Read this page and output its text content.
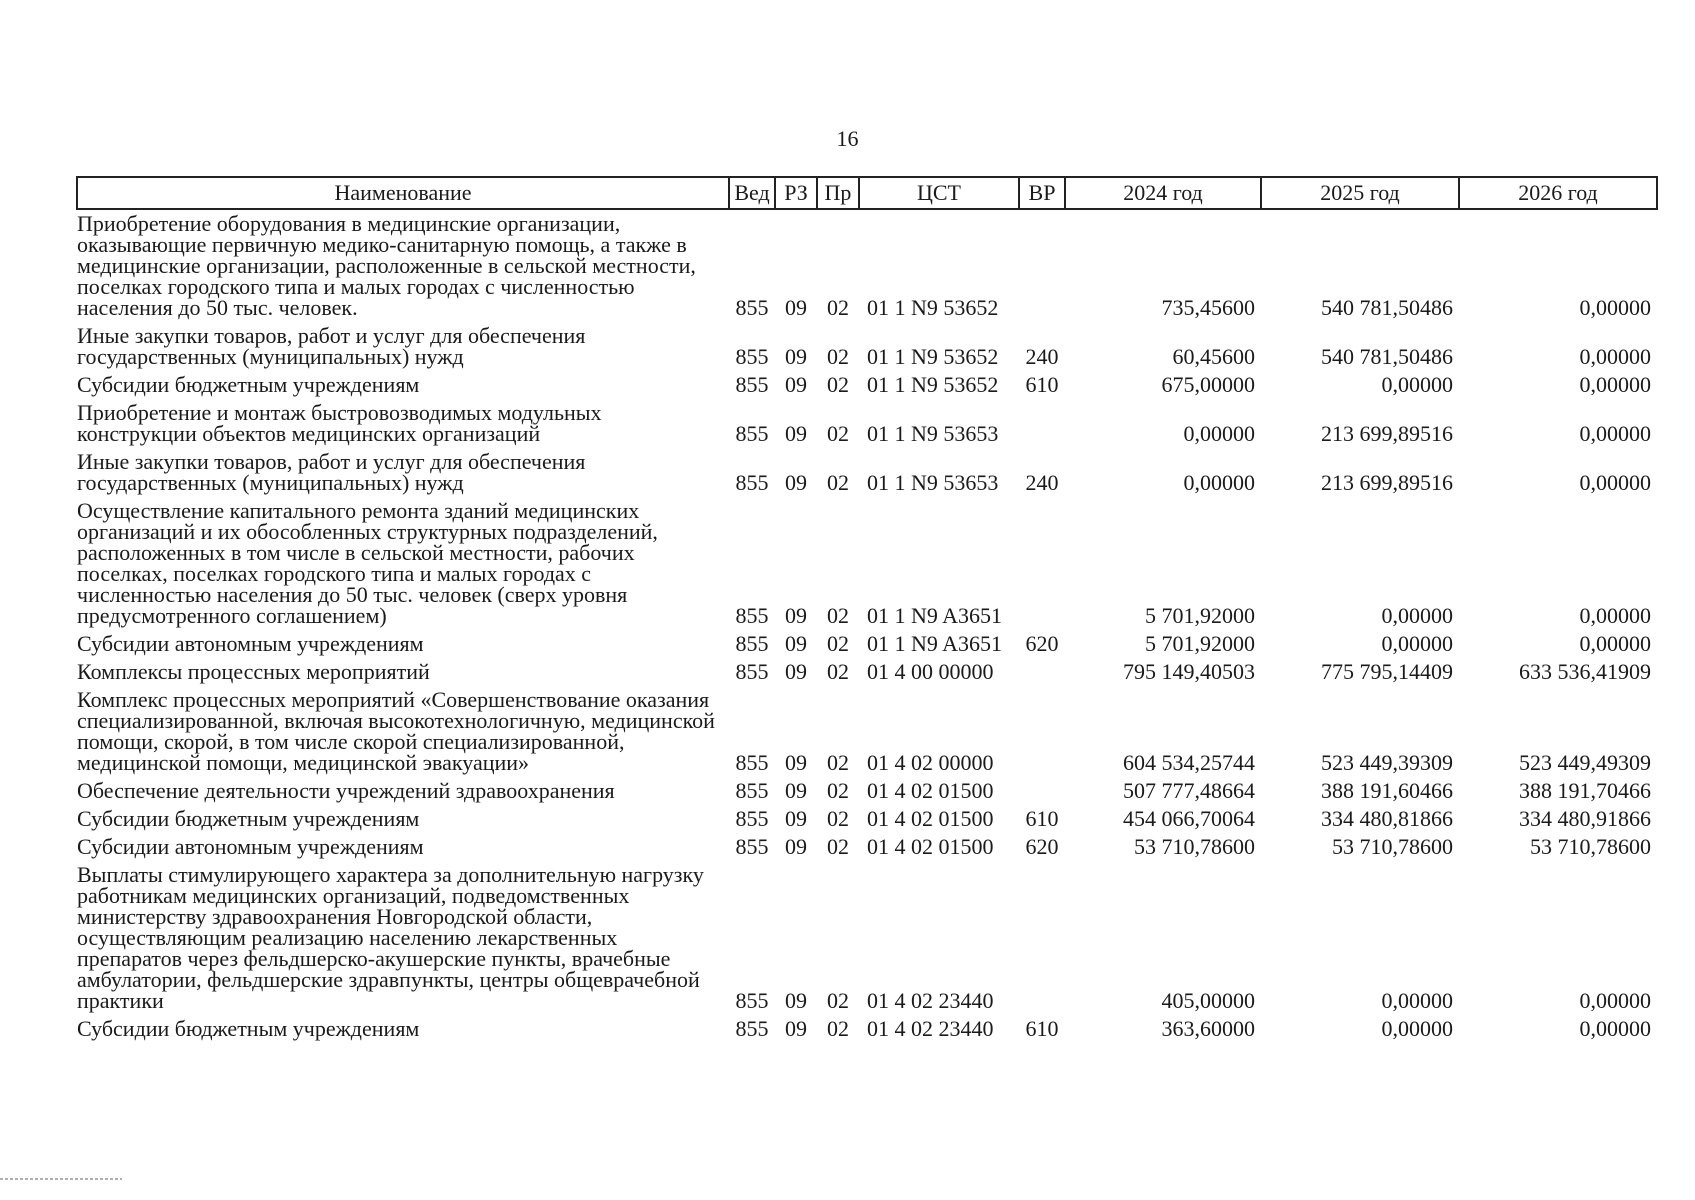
16
Наименование	Вед	РЗ	Пр	ЦСТ	ВР	2024 год	2025 год	2026 год
Приобретение оборудования в медицинские организации, оказывающие первичную медико-санитарную помощь, а также в медицинские организации, расположенные в сельской местности, поселках городского типа и малых городах с численностью населения до 50 тыс. человек.	855	09	02	01 1 N9 53652		735,45600	540 781,50486	0,00000
Иные закупки товаров, работ и услуг для обеспечения государственных (муниципальных) нужд	855	09	02	01 1 N9 53652	240	60,45600	540 781,50486	0,00000
Субсидии бюджетным учреждениям	855	09	02	01 1 N9 53652	610	675,00000	0,00000	0,00000
Приобретение и монтаж быстровозводимых модульных конструкции объектов медицинских организаций	855	09	02	01 1 N9 53653		0,00000	213 699,89516	0,00000
Иные закупки товаров, работ и услуг для обеспечения государственных (муниципальных) нужд	855	09	02	01 1 N9 53653	240	0,00000	213 699,89516	0,00000
Осуществление капитального ремонта зданий медицинских организаций и их обособленных структурных подразделений, расположенных в том числе в сельской местности, рабочих поселках, поселках городского типа и малых городах с численностью населения до 50 тыс. человек (сверх уровня предусмотренного соглашением)	855	09	02	01 1 N9 A3651		5 701,92000	0,00000	0,00000
Субсидии автономным учреждениям	855	09	02	01 1 N9 A3651	620	5 701,92000	0,00000	0,00000
Комплексы процессных мероприятий	855	09	02	01 4 00 00000		795 149,40503	775 795,14409	633 536,41909
Комплекс процессных мероприятий «Совершенствование оказания специализированной, включая высокотехнологичную, медицинской помощи, скорой, в том числе скорой специализированной, медицинской помощи, медицинской эвакуации»	855	09	02	01 4 02 00000		604 534,25744	523 449,39309	523 449,49309
Обеспечение деятельности учреждений здравоохранения	855	09	02	01 4 02 01500		507 777,48664	388 191,60466	388 191,70466
Субсидии бюджетным учреждениям	855	09	02	01 4 02 01500	610	454 066,70064	334 480,81866	334 480,91866
Субсидии автономным учреждениям	855	09	02	01 4 02 01500	620	53 710,78600	53 710,78600	53 710,78600
Выплаты стимулирующего характера за дополнительную нагрузку работникам медицинских организаций, подведомственных министерству здравоохранения Новгородской области, осуществляющим реализацию населению лекарственных препаратов через фельдшерско-акушерские пункты, врачебные амбулатории, фельдшерские здравпункты, центры общеврачебной практики	855	09	02	01 4 02 23440		405,00000	0,00000	0,00000
Субсидии бюджетным учреждениям	855	09	02	01 4 02 23440	610	363,60000	0,00000	0,00000
